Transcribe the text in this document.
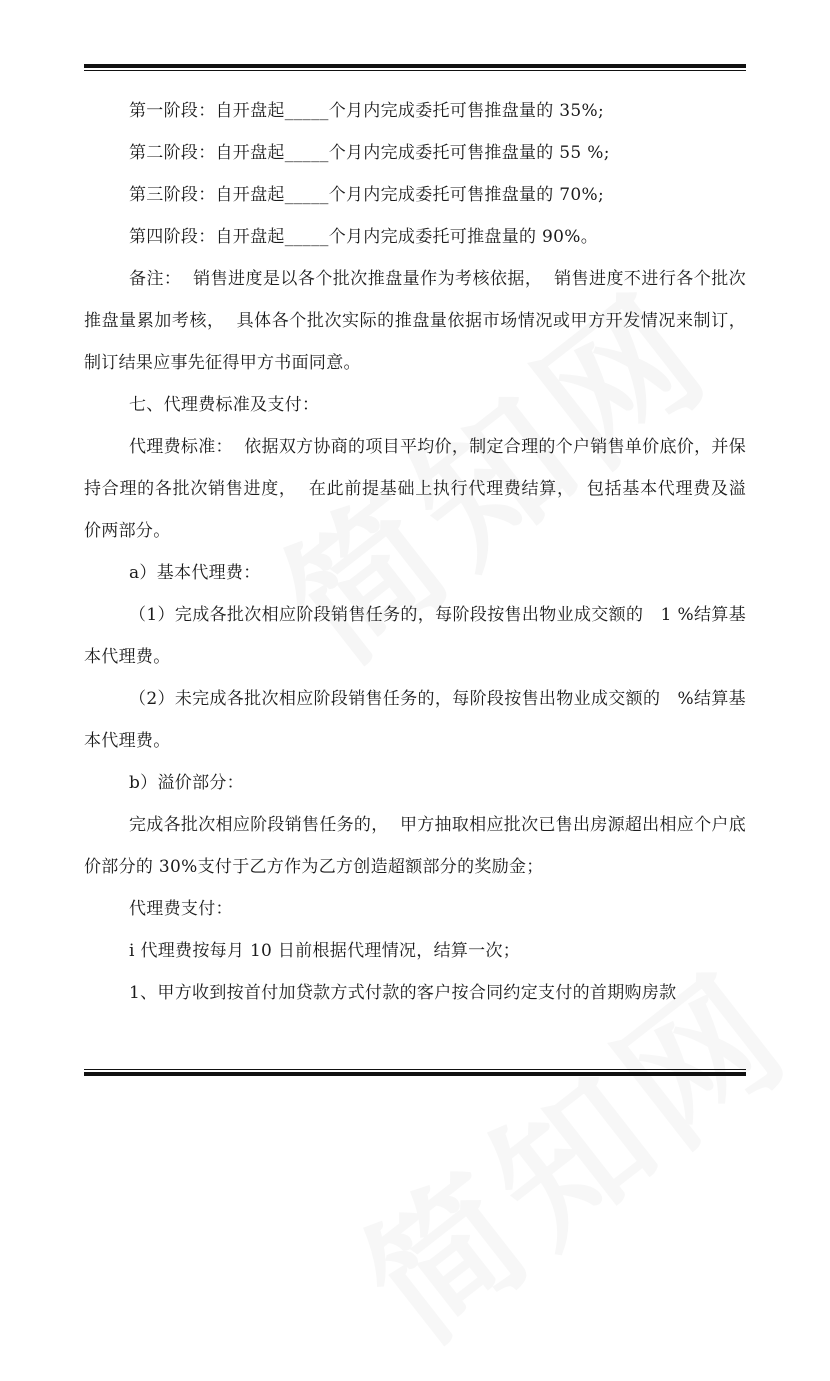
第一阶段：自开盘起_____个月内完成委托可售推盘量的 35%;

第二阶段：自开盘起_____个月内完成委托可售推盘量的 55 %;

第三阶段：自开盘起_____个月内完成委托可售推盘量的 70%;

第四阶段：自开盘起_____个月内完成委托可推盘量的 90%。

备注：  销售进度是以各个批次推盘量作为考核依据，  销售进度不进行各个批次推盘量累加考核，  具体各个批次实际的推盘量依据市场情况或甲方开发情况来制订，制订结果应事先征得甲方书面同意。

七、代理费标准及支付：

代理费标准：  依据双方协商的项目平均价，制定合理的个户销售单价底价，并保持合理的各批次销售进度，  在此前提基础上执行代理费结算，  包括基本代理费及溢价两部分。

a）基本代理费：

（1）完成各批次相应阶段销售任务的，每阶段按售出物业成交额的   1 %结算基本代理费。

（2）未完成各批次相应阶段销售任务的，每阶段按售出物业成交额的   %结算基本代理费。

b）溢价部分：

完成各批次相应阶段销售任务的，  甲方抽取相应批次已售出房源超出相应个户底价部分的 30%支付于乙方作为乙方创造超额部分的奖励金；

代理费支付：

i 代理费按每月 10 日前根据代理情况，结算一次；

1、甲方收到按首付加贷款方式付款的客户按合同约定支付的首期购房款
